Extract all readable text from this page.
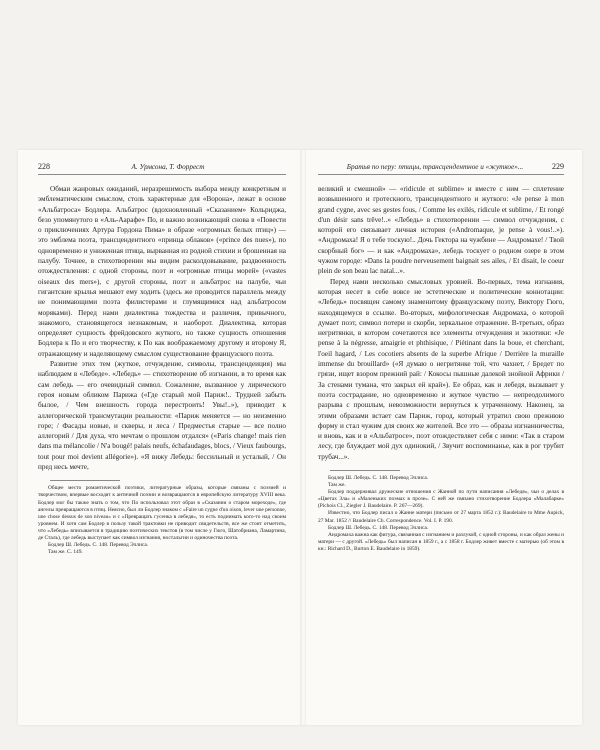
228	А. Урмсона, Т. Форрест

Обмаи жанровых ожиданий, неразрешимость выбора между конкретным и эмблематическим смыслом, столь характерные для «Ворона», лежат в основе «Альбатроса» Бодлера. Альбатрос (вдохновленный «Сказанием» Кольриджа, безо упомянутого в «Аль-Аарафе» По, и важно возникающий снова в «Повести о приключениях Артура Гордона Пима» в образе «огромных белых птиц») — это эмблема поэта, трансцендентного «принца облаков» («prince des nues»), по одновременно и униженная птица, вырванная из родной стихии и брошенная на палубу. Точнее, в стихотворении мы видим расколдовывание, раздвоенность отождествления: с одной стороны, поэт и «огромные птицы морей» («vastes oiseaux des mers»), с другой стороны, поэт и альбатрос на палубе, чьи гигантские крылья мешают ему ходить (здесь же проводится параллель между не понимающими поэта филистерами и глумящимися над альбатросом моряками). Перед нами диалектика тождества и различия, привычного, знакомого, становящегося незнакомым, и наоборот. Диалектика, которая определяет сущность фрейдовского жуткого, но также сущность отношения Бодлера к По и его творчеству, к По как воображаемому другому и второму Я, отражающему и наделяющему смыслом существование французского поэта.

Развитие этих тем (жуткое, отчуждение, символы, трансцендеиция) мы наблюдаем в «Лебеде». «Лебедь» — стихотворение об изгнании, в то время как сам лебедь — его очевидный символ. Сожаление, вызванное у лирического героя новым обликом Парижа («Где старый мой Париж!.. Трудней забыть былое, / Чем внешность города перестроить! Увы!..»), приводит к аллегорической трансмутации реальности: «Париж меняется — но неизменно горе; / Фасады новые, и скверы, и леса / Предместья старые — все полно аллегорий / Для духа, что мечтам о прошлом отдался» («Paris change! mais rien dans ma mélancolie / N'a bougé! palais neufs, échafaudages, blocs, / Vieux faubourgs, tout pour moi devient allégorie»). «Я вижу Лебедь: бессильный и усталый, / Он пред несь мечте,

Общее место романтической поэтики, литературные образы, которые связаны с поэзией и творчеством, впервые восходят к античной поэзии и возвращаются в европейскую литературу XVIII века. Бодлер мог бы также знать о том, что По использовал этот образ в «Сказании о старом мореходе», где ангелы превращаются в птиц. Неясно, был ли Бодлер знаком с «Faire un cygne d'un oison, lever une personne, une chose dessus de son niveau» и с «Превращать гусенка в лебедя», то есть поднимать кого-то над своим уровнем. И хотя сам Бодлер в пользу такой трактовки не приводит свидетельств, все же стоит отметить, что «Лебедь» вписывается в традицию поэтических текстов (в том числе у Гюго, Шатобриана, Ламартина, де Сталь), где лебедь выступает как символ изгнания, ностальгии и одиночества поэта.

Бодлер Ш. Лебедь. С. 148. Перевод Эллиса.

Там же. С. 149.

Братья по перу: птицы, трансцендентное и «жуткое»...	229

великий и смешной» — «ridicule et sublime» и вместе с ним — сплетение возвышенного и гротескного, трансцендентного и жуткого: «Je pense à mon grand cygne, avec ses gestes fous, / Comme les exilés, ridicule et sublime, / Et rongé d'un désir sans trêve!..» «Лебедь» в стихотворении — символ отчуждения, с которой его связывает личная история («Andromaque, je pense à vous!..»). «Андромаха! Я о тебе тоскую!.. Дочь Гектора на чужбине — Андромахе! / Твой скорбный бог» — и как «Андромаха», лебедь тоскует о родном озере в этом чужом городе: «Dans la poudre nerveusement baignait ses ailes, / Et disait, le coeur plein de son beau lac natal...».

Перед нами несколько смысловых уровней. Во-первых, тема изгнания, которая несет в себе вовсе не эстетические и политические коннотации: «Лебедь» посвящен самому знаменитому французскому поэту, Виктору Гюго, находящемуся в ссылке. Во-вторых, мифологическая Андромаха, о которой думает поэт, символ потери и скорби, зеркальное отражение. В-третьих, образ негритянки, в котором сочетаются все элементы отчуждения и экзотики: «Je pense à la négresse, amaigrie et phthisique, / Piétinant dans la boue, et cherchant, l'oeil hagard, / Les cocotiers absents de la superbe Afrique / Derrière la muraille immense du brouillard» («Я думаю о негритянке той, что чахнет, / Бредет по грязи, ищет взором прежний рай: / Кокосы пышные далекой знойной Африки / За стенами тумана, что закрыл ей край»). Ее образ, как и лебедя, вызывает у поэта сострадание, но одновременно и жуткое чувство — непреодолимого разрыва с прошлым, невозможности вернуться к утраченному. Наконец, за этими образами встает сам Париж, город, который утратил свою прежнюю форму и стал чужим для своих же жителей. Все это — образы изгнанничества, и вновь, как и в «Альбатросе», поэт отождествляет себя с ними: «Так в старом лесу, где блуждает мой дух одинокий, / Звучит воспоминанье, как в рог трубит трубач...».

Бодлер Ш. Лебедь. С. 148. Перевод Эллиса.

Там же.

Бодлер поддерживал дружеские отношения с Жанной по пути написания «Лебедя», чьи о делах в «Цветах Зла» и «Маленьких поэмах в прозе». С ней же связано стихотворение Бодлера «Малабарке» (Pichois Cl., Ziegler J. Baudelaire. P. 267—269).

Известно, что Бодлер писал о Жанне матери (письмо от 27 марта 1852 г.): Baudelaire to Mme Aupick, 27 Mar. 1852 // Baudelaire Ch. Correspondence. Vol. I. P. 190.

Бодлер Ш. Лебедь. С. 148. Перевод Эллиса.

Андромаха важна как фигура, связанная с изгнанием и разлукой, с одной стороны, и как образ жены и матери — с другой. «Лебедь» был написан в 1859 г., а с 1858 г. Бодлер живет вместе с матерью (об этом в кн.: Richard D., Burton E. Baudelaire in 1859).
